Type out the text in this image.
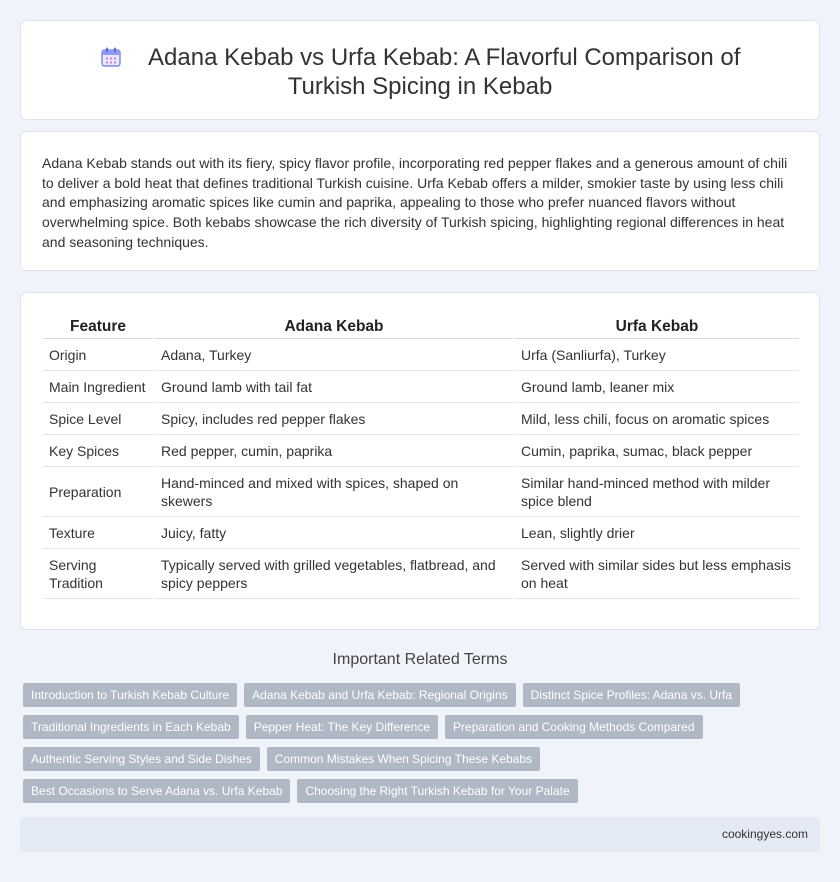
Adana Kebab vs Urfa Kebab: A Flavorful Comparison of Turkish Spicing in Kebab

Adana Kebab stands out with its fiery, spicy flavor profile, incorporating red pepper flakes and a generous amount of chili to deliver a bold heat that defines traditional Turkish cuisine. Urfa Kebab offers a milder, smokier taste by using less chili and emphasizing aromatic spices like cumin and paprika, appealing to those who prefer nuanced flavors without overwhelming spice. Both kebabs showcase the rich diversity of Turkish spicing, highlighting regional differences in heat and seasoning techniques.

Feature	Adana Kebab	Urfa Kebab
Origin	Adana, Turkey	Urfa (Sanliurfa), Turkey
Main Ingredient	Ground lamb with tail fat	Ground lamb, leaner mix
Spice Level	Spicy, includes red pepper flakes	Mild, less chili, focus on aromatic spices
Key Spices	Red pepper, cumin, paprika	Cumin, paprika, sumac, black pepper
Preparation	Hand-minced and mixed with spices, shaped on skewers	Similar hand-minced method with milder spice blend
Texture	Juicy, fatty	Lean, slightly drier
Serving Tradition	Typically served with grilled vegetables, flatbread, and spicy peppers	Served with similar sides but less emphasis on heat
Important Related Terms
Introduction to Turkish Kebab Culture	Adana Kebab and Urfa Kebab: Regional Origins	Distinct Spice Profiles: Adana vs. Urfa
Traditional Ingredients in Each Kebab	Pepper Heat: The Key Difference	Preparation and Cooking Methods Compared
Authentic Serving Styles and Side Dishes	Common Mistakes When Spicing These Kebabs
Best Occasions to Serve Adana vs. Urfa Kebab	Choosing the Right Turkish Kebab for Your Palate
cookingyes.com
